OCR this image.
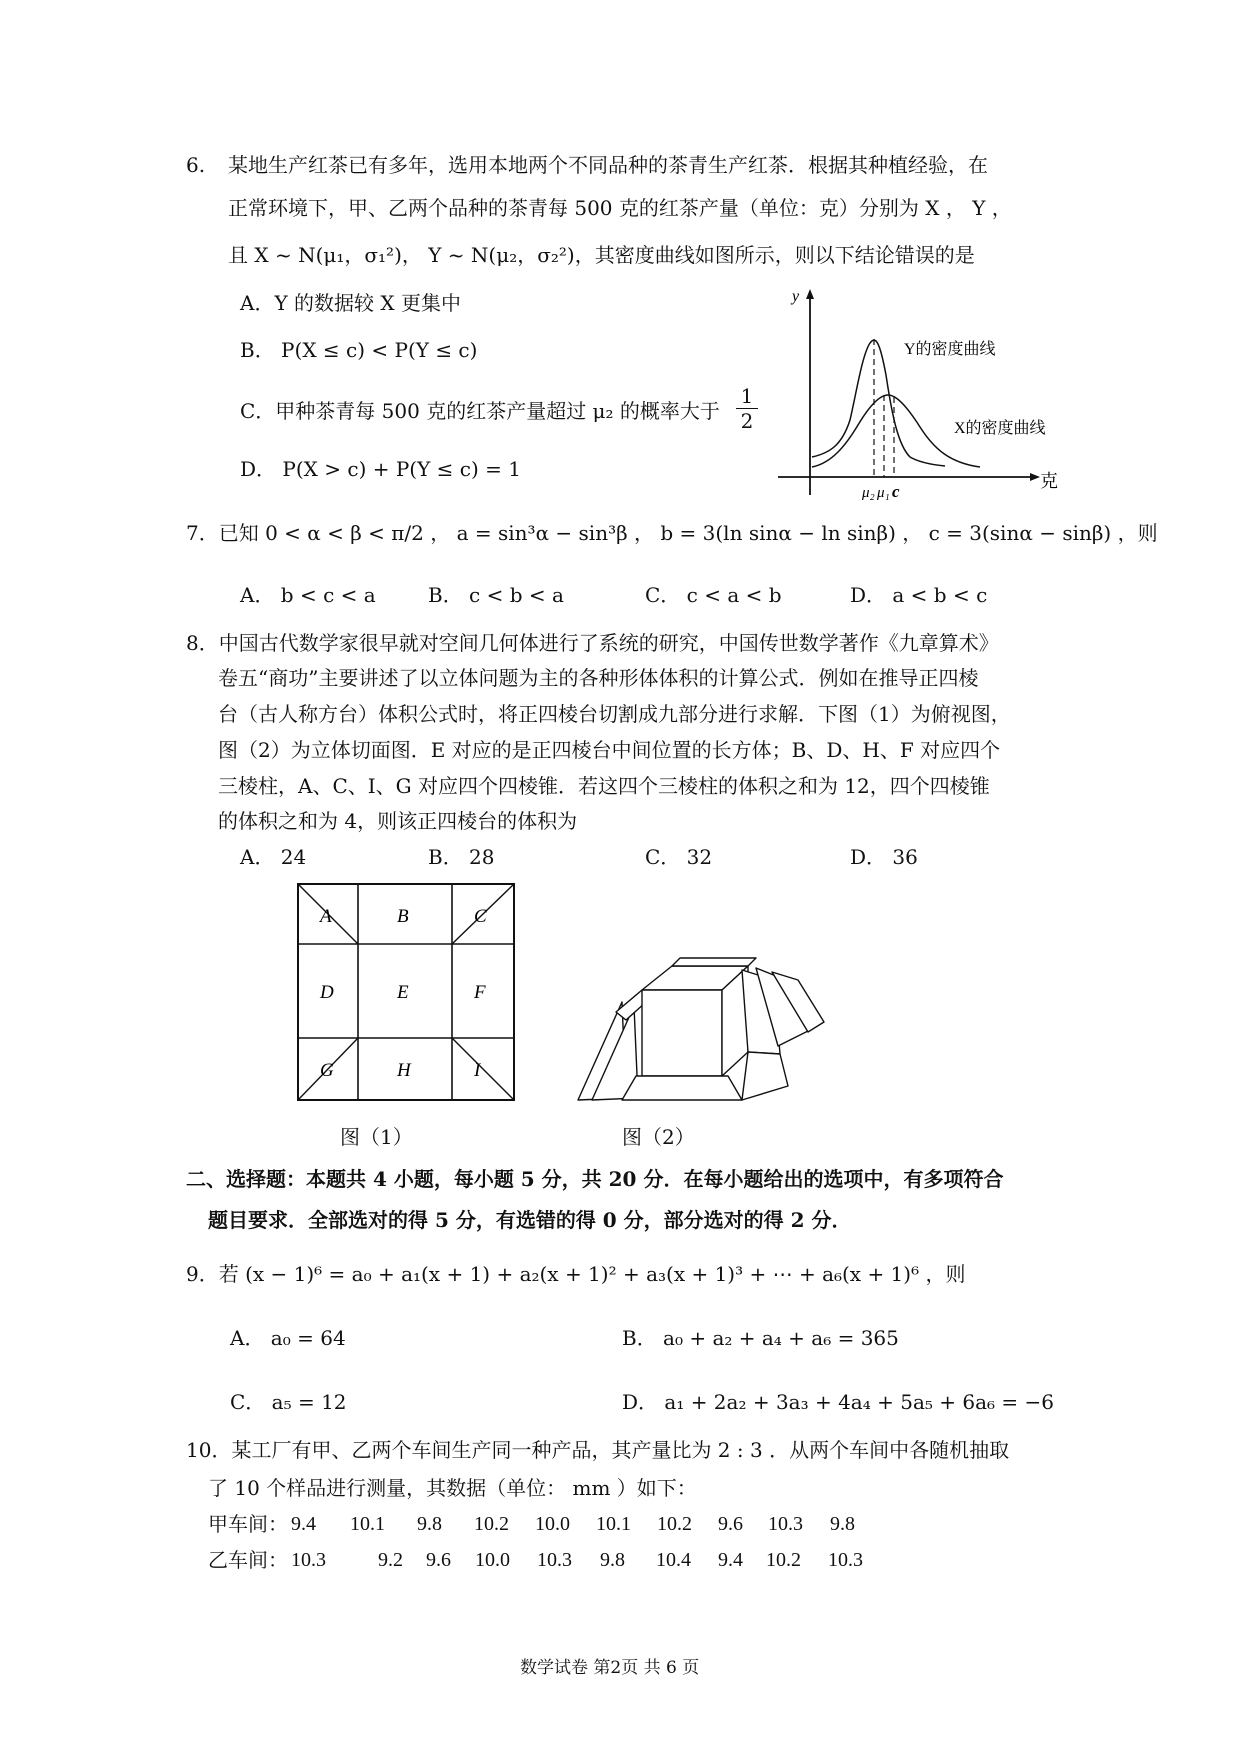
6. 某地生产红茶已有多年，选用本地两个不同品种的茶青生产红茶．根据其种植经验，在
正常环境下，甲、乙两个品种的茶青每 500 克的红茶产量（单位：克）分别为 X ， Y ，
且 X ~ N(μ₁，σ₁²)， Y ~ N(μ₂，σ₂²)，其密度曲线如图所示，则以下结论错误的是
A．Y 的数据较 X 更集中
B． P(X ≤ c) < P(Y ≤ c)
C．甲种茶青每 500 克的红茶产量超过 μ₂ 的概率大于 $\frac{1}{2}$
D． P(X > c) + P(Y ≤ c) = 1
y
克
Y的密度曲线
X的密度曲线
μ₂ μ₁ c
7．已知 0 < α < β < π/2 ， a = sin³α − sin³β ， b = 3(ln sinα − ln sinβ) ， c = 3(sinα − sinβ) ，则
A． b < c < a	B． c < b < a	C． c < a < b	D． a < b < c
8．中国古代数学家很早就对空间几何体进行了系统的研究，中国传世数学著作《九章算术》
卷五“商功”主要讲述了以立体问题为主的各种形体体积的计算公式．例如在推导正四棱
台（古人称方台）体积公式时，将正四棱台切割成九部分进行求解．下图（1）为俯视图，
图（2）为立体切面图．E 对应的是正四棱台中间位置的长方体；B、D、H、F 对应四个
三棱柱，A、C、I、G 对应四个四棱锥．若这四个三棱柱的体积之和为 12，四个四棱锥
的体积之和为 4，则该正四棱台的体积为
A． 24	B． 28	C． 32	D． 36
A	B	C
D	E	F
G	H	I
图（1）	图（2）
二、选择题：本题共 4 小题，每小题 5 分，共 20 分．在每小题给出的选项中，有多项符合
题目要求．全部选对的得 5 分，有选错的得 0 分，部分选对的得 2 分．
9．若 (x − 1)⁶ = a₀ + a₁(x + 1) + a₂(x + 1)² + a₃(x + 1)³ + ⋯ + a₆(x + 1)⁶ ，则
A． a₀ = 64	B． a₀ + a₂ + a₄ + a₆ = 365
C． a₅ = 12	D． a₁ + 2a₂ + 3a₃ + 4a₄ + 5a₅ + 6a₆ = −6
10．某工厂有甲、乙两个车间生产同一种产品，其产量比为 2 : 3 ．从两个车间中各随机抽取
了 10 个样品进行测量，其数据（单位： mm ）如下：
甲车间： 9.4 10.1 9.8 10.2 10.0 10.1 10.2 9.6 10.3 9.8
乙车间： 10.3	9.2 9.6 10.0 10.3 9.8 10.4 9.4 10.2 10.3
数学试卷 第2页 共 6 页
